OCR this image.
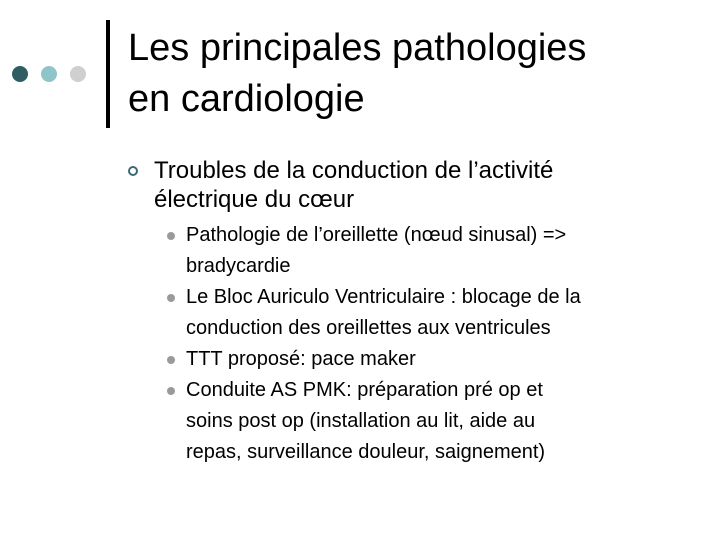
Les principales pathologies
en cardiologie
Troubles de la conduction de l’activité
électrique du cœur
Pathologie de l’oreillette (nœud sinusal) =>
bradycardie
Le Bloc Auriculo Ventriculaire : blocage de la
conduction des oreillettes aux ventricules
TTT proposé: pace maker
Conduite AS PMK: préparation pré op et
soins post op (installation au lit, aide au
repas, surveillance douleur, saignement)
